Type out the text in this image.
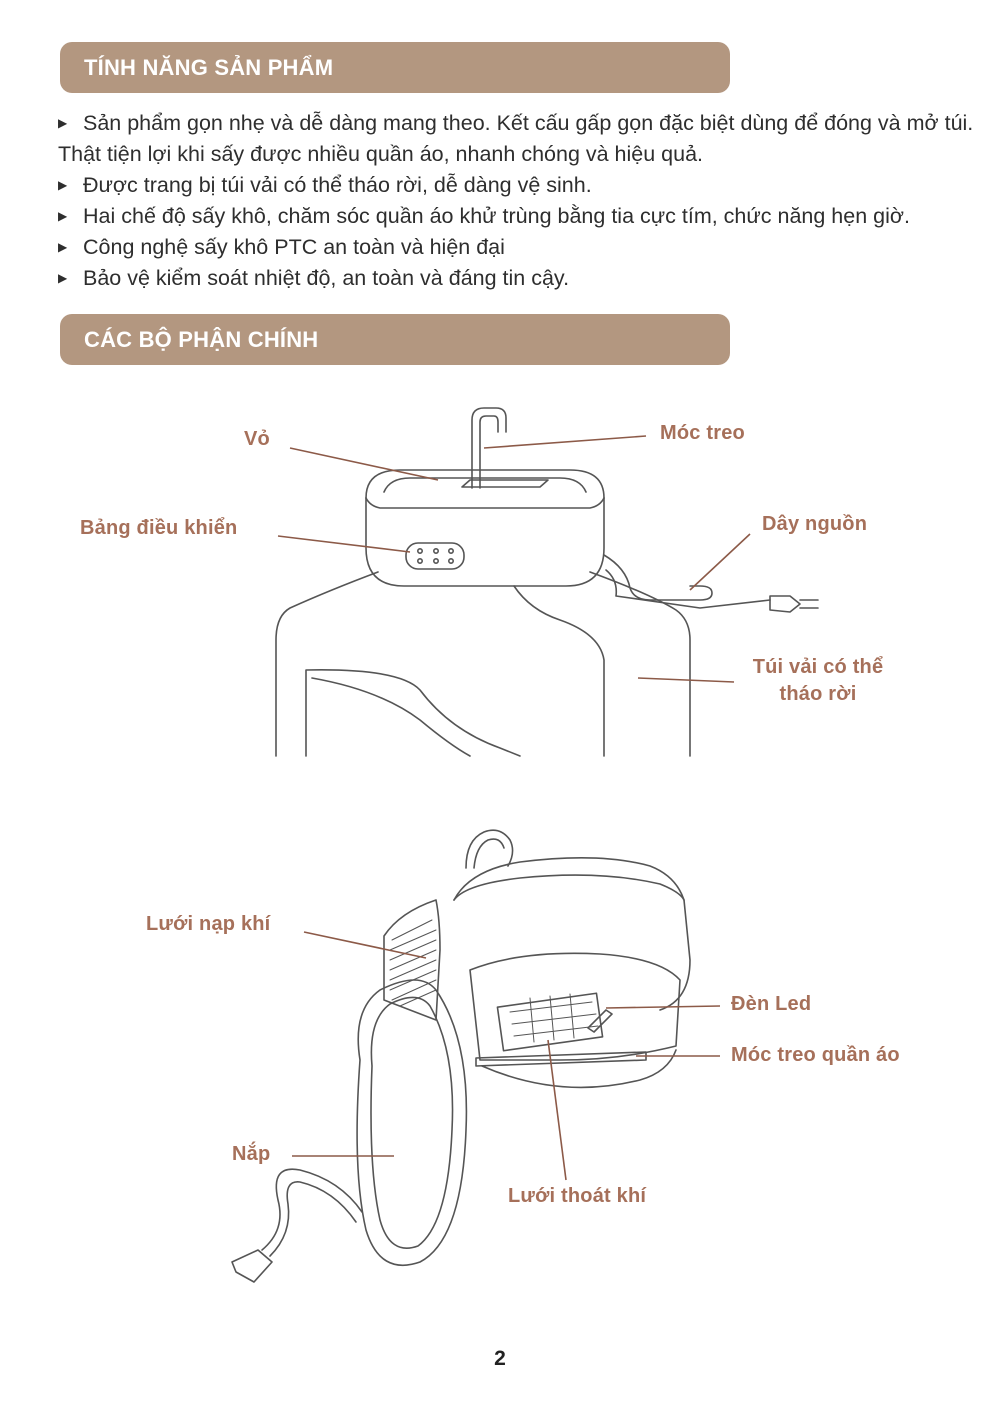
TÍNH NĂNG SẢN PHẨM
▶ Sản phẩm gọn nhẹ và dễ dàng mang theo. Kết cấu gấp gọn đặc biệt dùng để đóng và mở túi. Thật tiện lợi khi sấy được nhiều quần áo, nhanh chóng và hiệu quả.
▶ Được trang bị túi vải có thể tháo rời, dễ dàng vệ sinh.
▶ Hai chế độ sấy khô, chăm sóc quần áo khử trùng bằng tia cực tím, chức năng hẹn giờ.
▶ Công nghệ sấy khô PTC an toàn và hiện đại
▶ Bảo vệ kiểm soát nhiệt độ, an toàn và đáng tin cậy.
CÁC BỘ PHẬN CHÍNH
Vỏ	Móc treo
Bảng điều khiển	Dây nguồn
Túi vải có thể
tháo rời
Lưới nạp khí
Đèn Led
Móc treo quần áo
Nắp
Lưới thoát khí
2
